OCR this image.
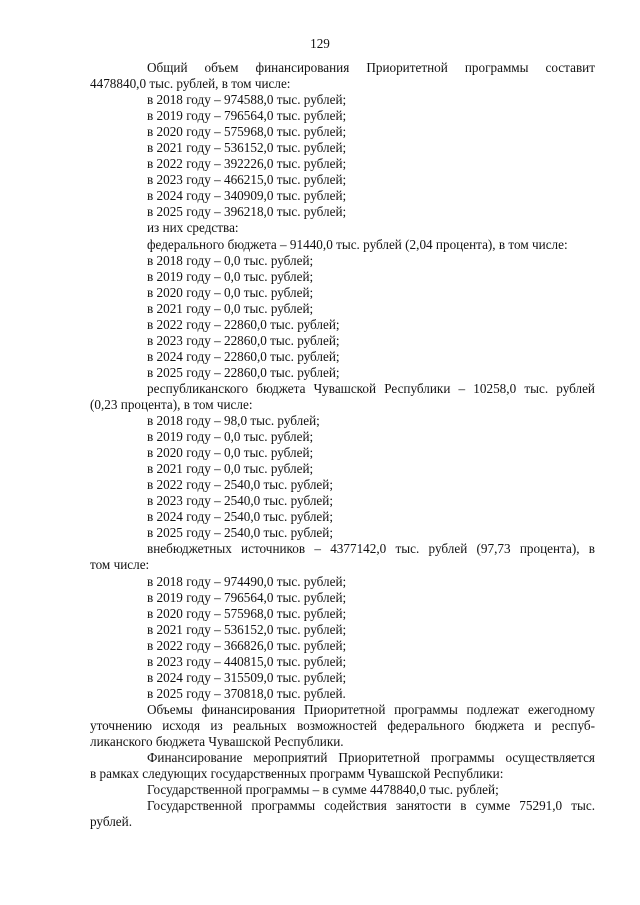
129
Общий объем финансирования Приоритетной программы составит
4478840,0 тыс. рублей, в том числе:
в 2018 году – 974588,0 тыс. рублей;
в 2019 году – 796564,0 тыс. рублей;
в 2020 году – 575968,0 тыс. рублей;
в 2021 году – 536152,0 тыс. рублей;
в 2022 году – 392226,0 тыс. рублей;
в 2023 году – 466215,0 тыс. рублей;
в 2024 году – 340909,0 тыс. рублей;
в 2025 году – 396218,0 тыс. рублей;
из них средства:
федерального бюджета – 91440,0 тыс. рублей (2,04 процента), в том числе:
в 2018 году – 0,0 тыс. рублей;
в 2019 году – 0,0 тыс. рублей;
в 2020 году – 0,0 тыс. рублей;
в 2021 году – 0,0 тыс. рублей;
в 2022 году – 22860,0 тыс. рублей;
в 2023 году – 22860,0 тыс. рублей;
в 2024 году – 22860,0 тыс. рублей;
в 2025 году – 22860,0 тыс. рублей;
республиканского бюджета Чувашской Республики – 10258,0 тыс. рублей
(0,23 процента), в том числе:
в 2018 году – 98,0 тыс. рублей;
в 2019 году – 0,0 тыс. рублей;
в 2020 году – 0,0 тыс. рублей;
в 2021 году – 0,0 тыс. рублей;
в 2022 году – 2540,0 тыс. рублей;
в 2023 году – 2540,0 тыс. рублей;
в 2024 году – 2540,0 тыс. рублей;
в 2025 году – 2540,0 тыс. рублей;
внебюджетных источников – 4377142,0 тыс. рублей (97,73 процента), в
том числе:
в 2018 году – 974490,0 тыс. рублей;
в 2019 году – 796564,0 тыс. рублей;
в 2020 году – 575968,0 тыс. рублей;
в 2021 году – 536152,0 тыс. рублей;
в 2022 году – 366826,0 тыс. рублей;
в 2023 году – 440815,0 тыс. рублей;
в 2024 году – 315509,0 тыс. рублей;
в 2025 году – 370818,0 тыс. рублей.
Объемы финансирования Приоритетной программы подлежат ежегодному
уточнению исходя из реальных возможностей федерального бюджета и респуб-
ликанского бюджета Чувашской Республики.
Финансирование мероприятий Приоритетной программы осуществляется
в рамках следующих государственных программ Чувашской Республики:
Государственной программы – в сумме 4478840,0 тыс. рублей;
Государственной программы содействия занятости в сумме 75291,0 тыс.
рублей.
